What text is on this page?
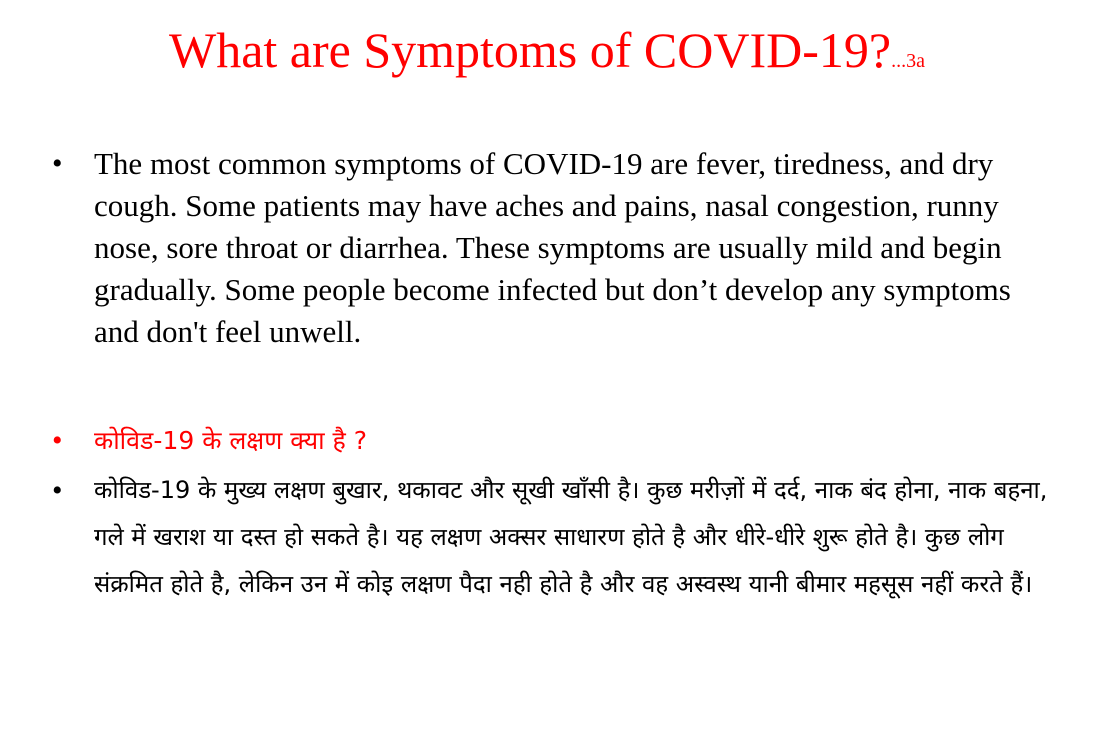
What are Symptoms of COVID-19?...3a
•	The most common symptoms of COVID-19 are fever, tiredness, and dry cough. Some patients may have aches and pains, nasal congestion, runny nose, sore throat or diarrhea. These symptoms are usually mild and begin gradually. Some people become infected but don’t develop any symptoms and don't feel unwell.
•	कोविड-19 के लक्षण क्या है ?
•	कोविड-19 के मुख्य लक्षण बुखार, थकावट और सूखी खाँसी है। कुछ मरीज़ों में दर्द, नाक बंद होना, नाक बहना, गले में खराश या दस्त हो सकते है। यह लक्षण अक्सर साधारण होते है और धीरे-धीरे शुरू होते है। कुछ लोग संक्रमित होते है, लेकिन उन में कोइ लक्षण पैदा नही होते है और वह अस्वस्थ यानी बीमार महसूस नहीं करते हैं।
